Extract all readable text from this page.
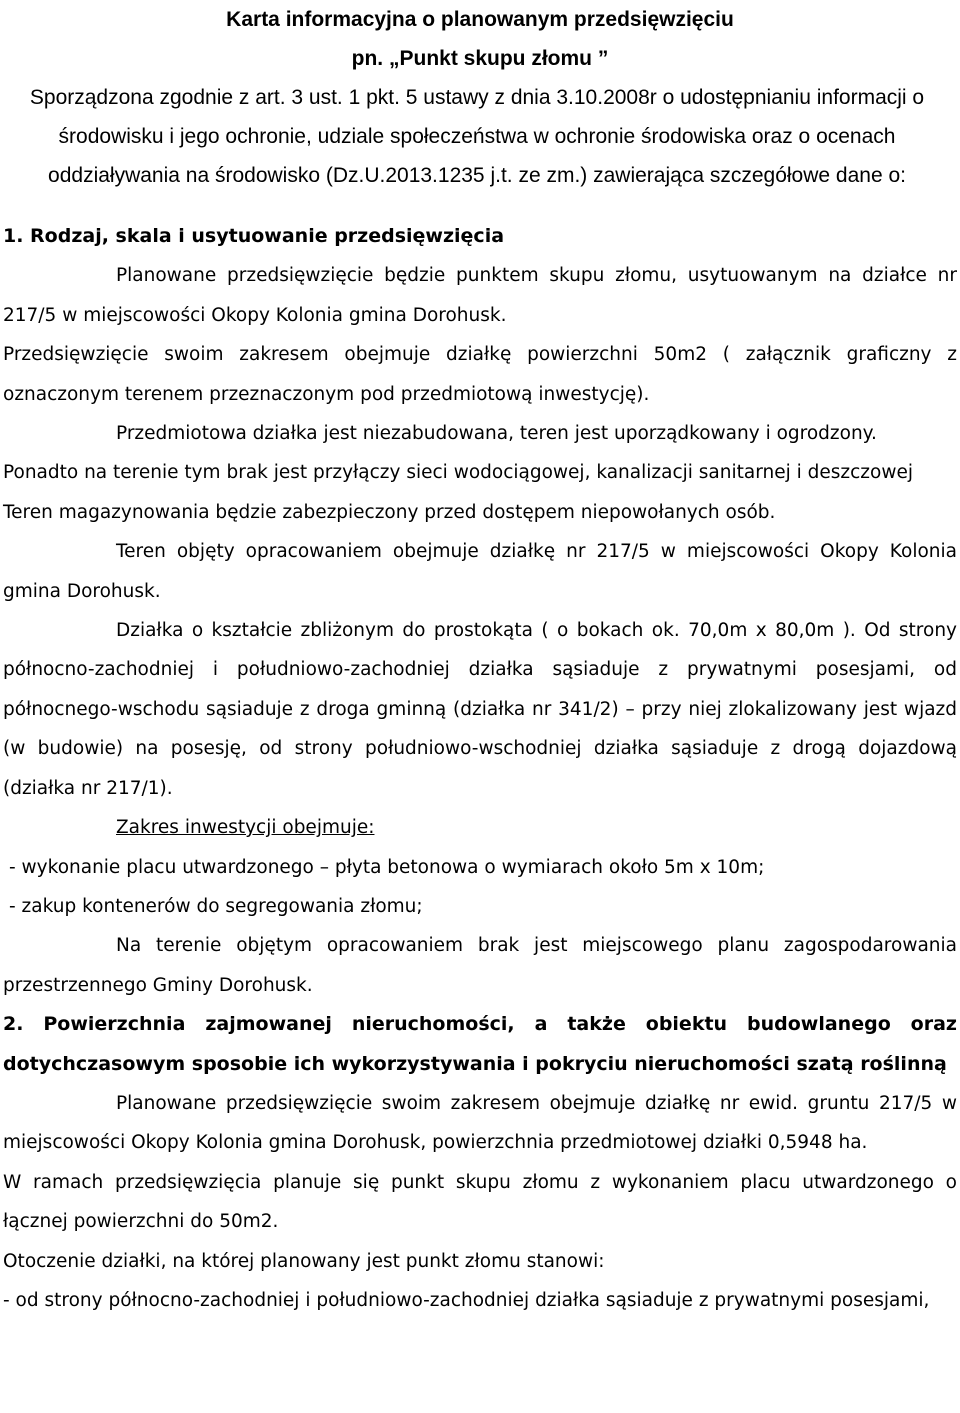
Karta informacyjna o planowanym przedsięwzięciu

pn. „Punkt skupu złomu ”

Sporządzona zgodnie z art. 3 ust. 1 pkt. 5 ustawy z dnia 3.10.2008r o udostępnianiu informacji o środowisku i jego ochronie, udziale społeczeństwa w ochronie środowiska oraz o ocenach oddziaływania na środowisko (Dz.U.2013.1235 j.t. ze zm.) zawierająca szczegółowe dane o:

1. Rodzaj, skala i usytuowanie przedsięwzięcia

Planowane przedsięwzięcie będzie punktem skupu złomu, usytuowanym na działce nr 217/5 w miejscowości Okopy Kolonia gmina Dorohusk.

Przedsięwzięcie swoim zakresem obejmuje działkę powierzchni 50m2 ( załącznik graficzny z oznaczonym terenem przeznaczonym pod przedmiotową inwestycję).

Przedmiotowa działka jest niezabudowana, teren jest uporządkowany i ogrodzony.

Ponadto na terenie tym brak jest przyłączy sieci wodociągowej, kanalizacji sanitarnej i deszczowej

Teren magazynowania będzie zabezpieczony przed dostępem niepowołanych osób.

Teren objęty opracowaniem obejmuje działkę nr 217/5 w miejscowości Okopy Kolonia gmina Dorohusk.

Działka o kształcie zbliżonym do prostokąta ( o bokach ok. 70,0m x 80,0m ). Od strony północno-zachodniej i południowo-zachodniej działka sąsiaduje z prywatnymi posesjami, od północnego-wschodu sąsiaduje z droga gminną (działka nr 341/2) – przy niej zlokalizowany jest wjazd (w budowie) na posesję, od strony południowo-wschodniej działka sąsiaduje z drogą dojazdową (działka nr 217/1).

Zakres inwestycji obejmuje:

- wykonanie placu utwardzonego – płyta betonowa o wymiarach około 5m x 10m;

- zakup kontenerów do segregowania złomu;

Na terenie objętym opracowaniem brak jest miejscowego planu zagospodarowania przestrzennego Gminy Dorohusk.

2. Powierzchnia zajmowanej nieruchomości, a także obiektu budowlanego oraz dotychczasowym sposobie ich wykorzystywania i pokryciu nieruchomości szatą roślinną

Planowane przedsięwzięcie swoim zakresem obejmuje działkę nr ewid. gruntu 217/5 w miejscowości Okopy Kolonia gmina Dorohusk, powierzchnia przedmiotowej działki 0,5948 ha.

W ramach przedsięwzięcia planuje się punkt skupu złomu z wykonaniem placu utwardzonego o łącznej powierzchni do 50m2.

Otoczenie działki, na której planowany jest punkt złomu stanowi:

- od strony północno-zachodniej i południowo-zachodniej działka sąsiaduje z prywatnymi posesjami,
